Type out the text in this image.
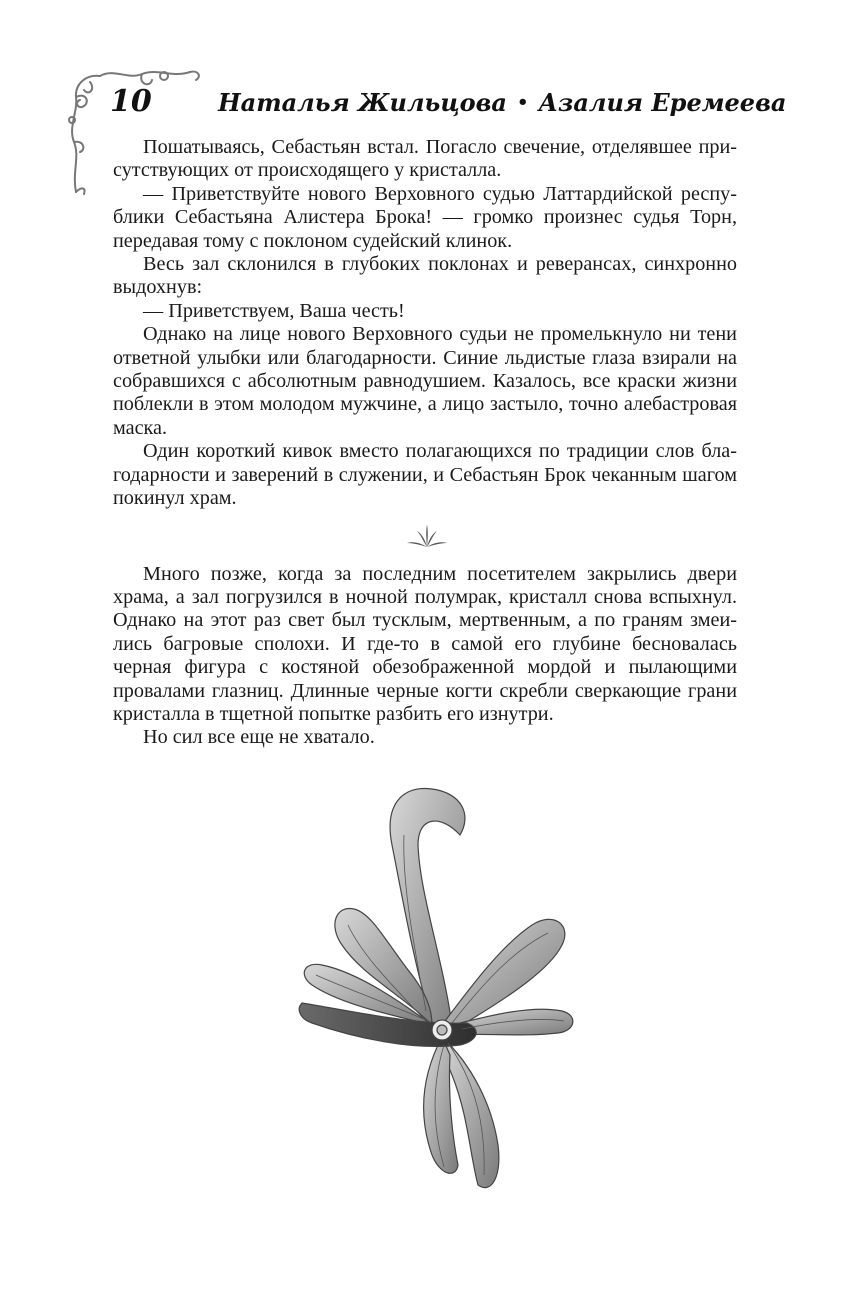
10	Наталья Жильцова • Азалия Еремеева

Пошатываясь, Себастьян встал. Погасло свечение, отделявшее присутствующих от происходящего у кристалла.

— Приветствуйте нового Верховного судью Латтардийской республики Себастьяна Алистера Брока! — громко произнес судья Торн, передавая тому с поклоном судейский клинок.

Весь зал склонился в глубоких поклонах и реверансах, синхронно выдохнув:

— Приветствуем, Ваша честь!

Однако на лице нового Верховного судьи не промелькнуло ни тени ответной улыбки или благодарности. Синие льдистые глаза взирали на собравшихся с абсолютным равнодушием. Казалось, все краски жизни поблекли в этом молодом мужчине, а лицо застыло, точно алебастровая маска.

Один короткий кивок вместо полагающихся по традиции слов благодарности и заверений в служении, и Себастьян Брок чеканным шагом покинул храм.

Много позже, когда за последним посетителем закрылись двери храма, а зал погрузился в ночной полумрак, кристалл снова вспыхнул. Однако на этот раз свет был тусклым, мертвенным, а по граням змеились багровые сполохи. И где-то в самой его глубине бесновалась черная фигура с костяной обезображенной мордой и пылающими провалами глазниц. Длинные черные когти скребли сверкающие грани кристалла в тщетной попытке разбить его изнутри.

Но сил все еще не хватало.
